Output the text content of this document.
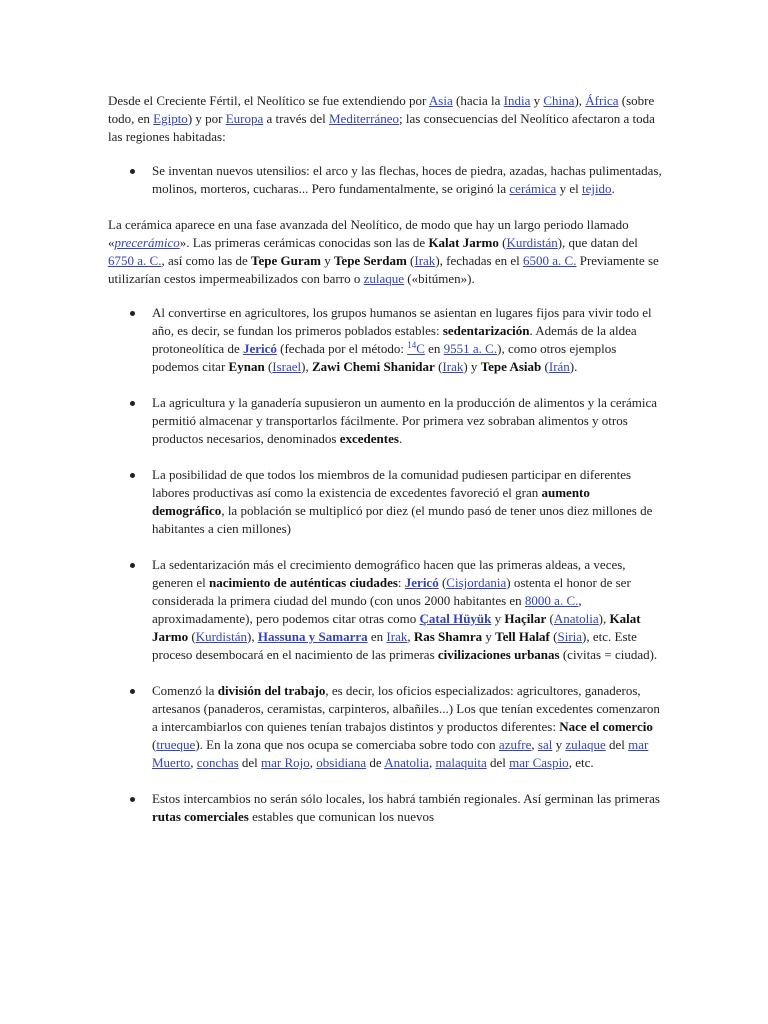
Desde el Creciente Fértil, el Neolítico se fue extendiendo por Asia (hacia la India y China), África (sobre todo, en Egipto) y por Europa a través del Mediterráneo; las consecuencias del Neolítico afectaron a toda las regiones habitadas:

Se inventan nuevos utensilios: el arco y las flechas, hoces de piedra, azadas, hachas pulimentadas, molinos, morteros, cucharas... Pero fundamentalmente, se originó la cerámica y el tejido.

La cerámica aparece en una fase avanzada del Neolítico, de modo que hay un largo periodo llamado «precerámico». Las primeras cerámicas conocidas son las de Kalat Jarmo (Kurdistán), que datan del 6750 a. C., así como las de Tepe Guram y Tepe Serdam (Irak), fechadas en el 6500 a. C. Previamente se utilizarían cestos impermeabilizados con barro o zulaque («bitúmen»).

Al convertirse en agricultores, los grupos humanos se asientan en lugares fijos para vivir todo el año, es decir, se fundan los primeros poblados estables: sedentarización. Además de la aldea protoneolítica de Jericó (fechada por el método: $^{14}$C en 9551 a. C.), como otros ejemplos podemos citar Eynan (Israel), Zawi Chemi Shanidar (Irak) y Tepe Asiab (Irán).
La agricultura y la ganadería supusieron un aumento en la producción de alimentos y la cerámica permitió almacenar y transportarlos fácilmente. Por primera vez sobraban alimentos y otros productos necesarios, denominados excedentes.
La posibilidad de que todos los miembros de la comunidad pudiesen participar en diferentes labores productivas así como la existencia de excedentes favoreció el gran aumento demográfico, la población se multiplicó por diez (el mundo pasó de tener unos diez millones de habitantes a cien millones)
La sedentarización más el crecimiento demográfico hacen que las primeras aldeas, a veces, generen el nacimiento de auténticas ciudades: Jericó (Cisjordania) ostenta el honor de ser considerada la primera ciudad del mundo (con unos 2000 habitantes en 8000 a. C., aproximadamente), pero podemos citar otras como Çatal Hüyük y Haçilar (Anatolia), Kalat Jarmo (Kurdistán), Hassuna y Samarra en Irak, Ras Shamra y Tell Halaf (Siria), etc. Este proceso desembocará en el nacimiento de las primeras civilizaciones urbanas (civitas = ciudad).
Comenzó la división del trabajo, es decir, los oficios especializados: agricultores, ganaderos, artesanos (panaderos, ceramistas, carpinteros, albañiles...) Los que tenían excedentes comenzaron a intercambiarlos con quienes tenían trabajos distintos y productos diferentes: Nace el comercio (trueque). En la zona que nos ocupa se comerciaba sobre todo con azufre, sal y zulaque del mar Muerto, conchas del mar Rojo, obsidiana de Anatolia, malaquita del mar Caspio, etc.
Estos intercambios no serán sólo locales, los habrá también regionales. Así germinan las primeras rutas comerciales estables que comunican los nuevos
